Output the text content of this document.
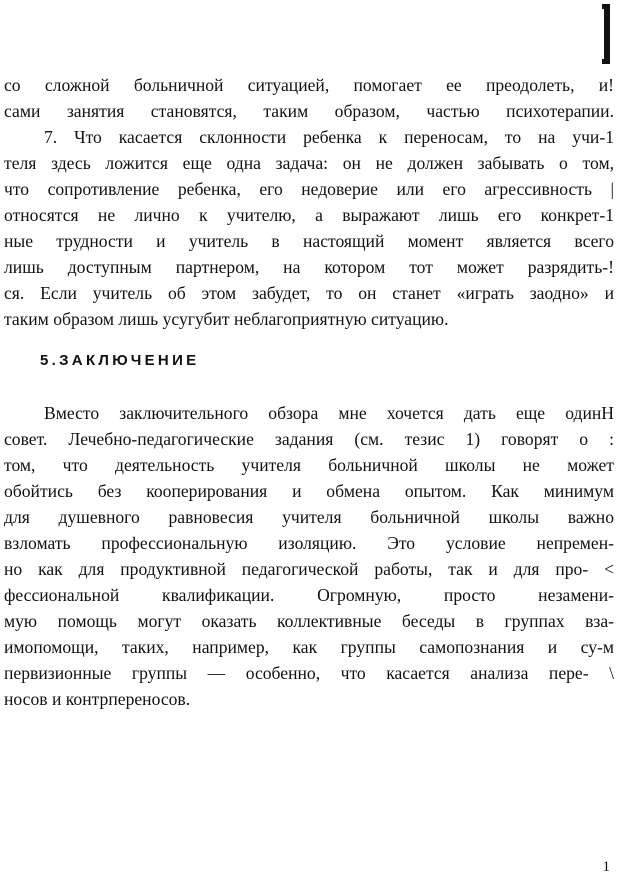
со сложной больничной ситуацией, помогает ее преодолеть, и!
сами занятия становятся, таким образом, частью психотерапии.
7. Что касается склонности ребенка к переносам, то на учи-1
теля здесь ложится еще одна задача: он не должен забывать о том,
что сопротивление ребенка, его недоверие или его агрессивность |
относятся не лично к учителю, а выражают лишь его конкрет-1
ные трудности и учитель в настоящий момент является всего
лишь доступным партнером, на котором тот может разрядить-!
ся. Если учитель об этом забудет, то он станет «играть заодно» и
таким образом лишь усугубит неблагоприятную ситуацию.
5.ЗАКЛЮЧЕНИЕ
Вместо заключительного обзора мне хочется дать еще одинН
совет. Лечебно-педагогические задания (см. тезис 1) говорят о :
том, что деятельность учителя больничной школы не может
обойтись без кооперирования и обмена опытом. Как минимум
для душевного равновесия учителя больничной школы важно
взломать профессиональную изоляцию. Это условие непремен-
но как для продуктивной педагогической работы, так и для про- <
фессиональной квалификации. Огромную, просто незамени-
мую помощь могут оказать коллективные беседы в группах вза-
имопомощи, таких, например, как группы самопознания и су-м
первизионные группы — особенно, что касается анализа пере- \
носов и контрпереносов.
1
